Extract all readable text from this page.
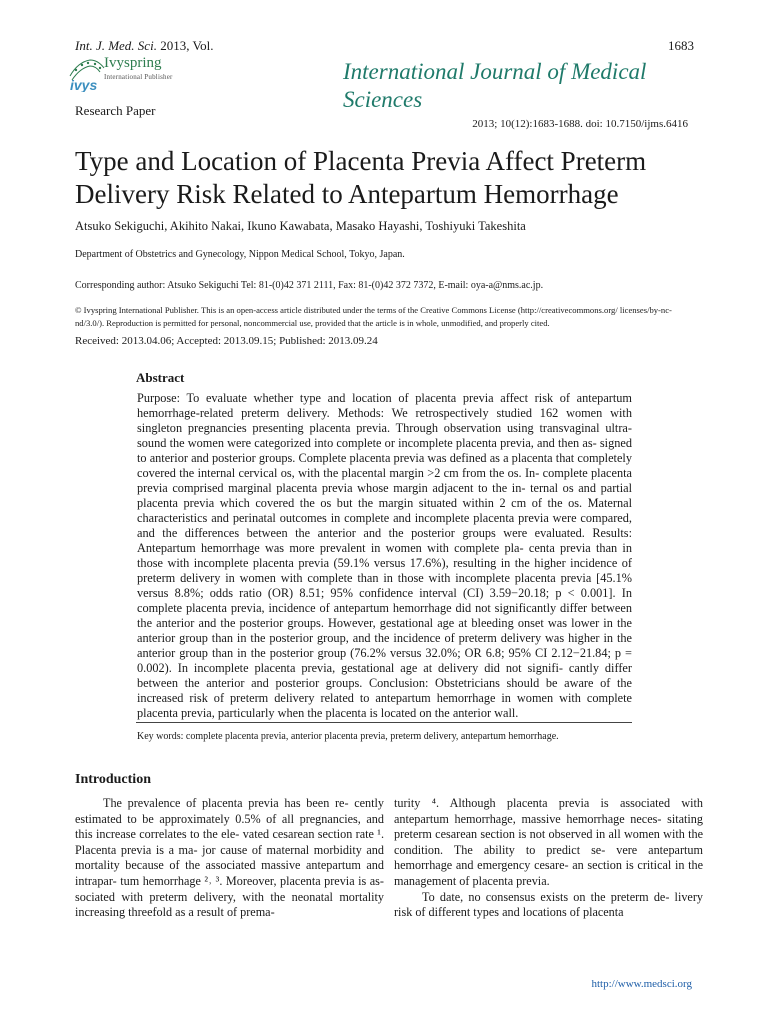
Int. J. Med. Sci. 2013, Vol.	1683
ivys
Ivyspring
International Publisher	International Journal of Medical Sciences
Research Paper
2013; 10(12):1683-1688. doi: 10.7150/ijms.6416
Type and Location of Placenta Previa Affect Preterm Delivery Risk Related to Antepartum Hemorrhage
Atsuko Sekiguchi, Akihito Nakai, Ikuno Kawabata, Masako Hayashi, Toshiyuki Takeshita
Department of Obstetrics and Gynecology, Nippon Medical School, Tokyo, Japan.
Corresponding author: Atsuko Sekiguchi Tel: 81-(0)42 371 2111, Fax: 81-(0)42 372 7372, E-mail: oya-a@nms.ac.jp.
© Ivyspring International Publisher. This is an open-access article distributed under the terms of the Creative Commons License (http://creativecommons.org/ licenses/by-nc-nd/3.0/). Reproduction is permitted for personal, noncommercial use, provided that the article is in whole, unmodified, and properly cited.
Received: 2013.04.06; Accepted: 2013.09.15; Published: 2013.09.24
Abstract
Purpose: To evaluate whether type and location of placenta previa affect risk of antepartum hemorrhage-related preterm delivery. Methods: We retrospectively studied 162 women with singleton pregnancies presenting placenta previa. Through observation using transvaginal ultra- sound the women were categorized into complete or incomplete placenta previa, and then as- signed to anterior and posterior groups. Complete placenta previa was defined as a placenta that completely covered the internal cervical os, with the placental margin >2 cm from the os. In- complete placenta previa comprised marginal placenta previa whose margin adjacent to the in- ternal os and partial placenta previa which covered the os but the margin situated within 2 cm of the os. Maternal characteristics and perinatal outcomes in complete and incomplete placenta previa were compared, and the differences between the anterior and the posterior groups were evaluated. Results: Antepartum hemorrhage was more prevalent in women with complete pla- centa previa than in those with incomplete placenta previa (59.1% versus 17.6%), resulting in the higher incidence of preterm delivery in women with complete than in those with incomplete placenta previa [45.1% versus 8.8%; odds ratio (OR) 8.51; 95% confidence interval (CI) 3.59−20.18; p < 0.001]. In complete placenta previa, incidence of antepartum hemorrhage did not significantly differ between the anterior and the posterior groups. However, gestational age at bleeding onset was lower in the anterior group than in the posterior group, and the incidence of preterm delivery was higher in the anterior group than in the posterior group (76.2% versus 32.0%; OR 6.8; 95% CI 2.12−21.84; p = 0.002). In incomplete placenta previa, gestational age at delivery did not signifi- cantly differ between the anterior and posterior groups. Conclusion: Obstetricians should be aware of the increased risk of preterm delivery related to antepartum hemorrhage in women with complete placenta previa, particularly when the placenta is located on the anterior wall.
Key words: complete placenta previa, anterior placenta previa, preterm delivery, antepartum hemorrhage.
Introduction

The prevalence of placenta previa has been re- cently estimated to be approximately 0.5% of all pregnancies, and this increase correlates to the ele- vated cesarean section rate ¹. Placenta previa is a ma- jor cause of maternal morbidity and mortality because of the associated massive antepartum and intrapar- tum hemorrhage ²˒ ³. Moreover, placenta previa is as- sociated with preterm delivery, with the neonatal mortality increasing threefold as a result of prema-

turity ⁴. Although placenta previa is associated with antepartum hemorrhage, massive hemorrhage neces- sitating preterm cesarean section is not observed in all women with the condition. The ability to predict se- vere antepartum hemorrhage and emergency cesare- an section is critical in the management of placenta previa.

To date, no consensus exists on the preterm de- livery risk of different types and locations of placenta

http://www.medsci.org
